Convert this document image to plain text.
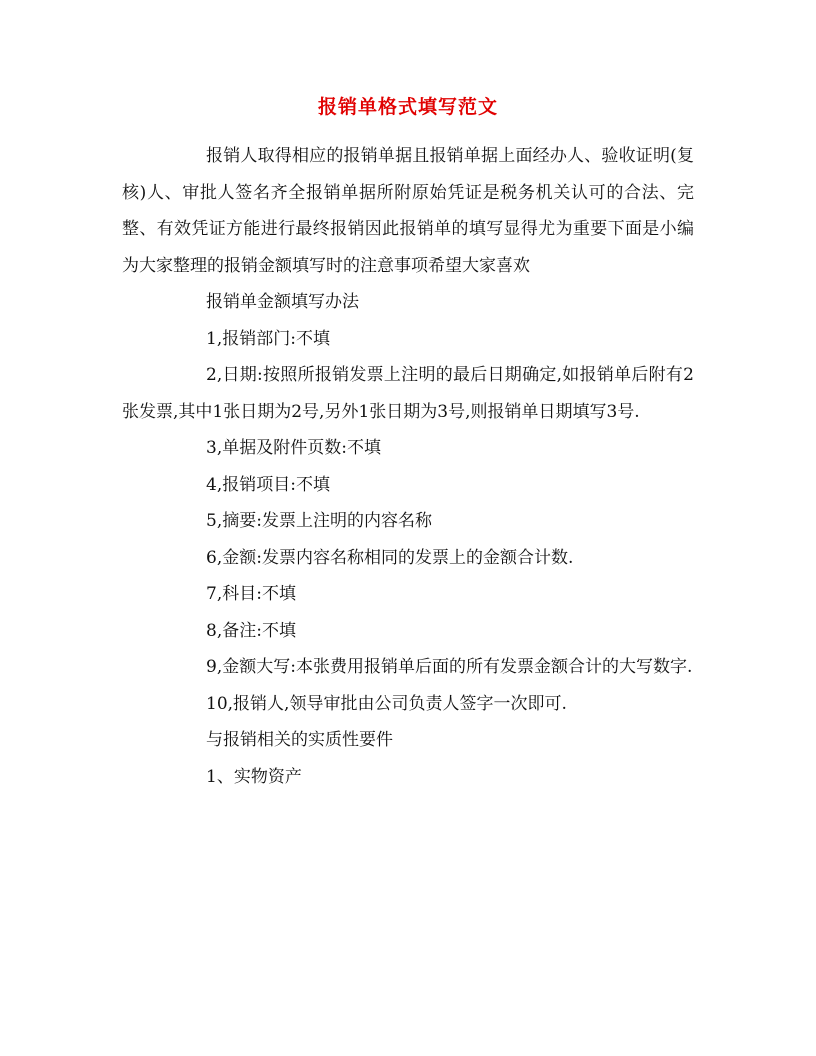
报销单格式填写范文

报销人取得相应的报销单据且报销单据上面经办人、验收证明(复核)人、审批人签名齐全报销单据所附原始凭证是税务机关认可的合法、完整、有效凭证方能进行最终报销因此报销单的填写显得尤为重要下面是小编为大家整理的报销金额填写时的注意事项希望大家喜欢

报销单金额填写办法

1,报销部门:不填

2,日期:按照所报销发票上注明的最后日期确定,如报销单后附有2张发票,其中1张日期为2号,另外1张日期为3号,则报销单日期填写3号.

3,单据及附件页数:不填

4,报销项目:不填

5,摘要:发票上注明的内容名称

6,金额:发票内容名称相同的发票上的金额合计数.

7,科目:不填

8,备注:不填

9,金额大写:本张费用报销单后面的所有发票金额合计的大写数字.

10,报销人,领导审批由公司负责人签字一次即可.

与报销相关的实质性要件

1、实物资产
